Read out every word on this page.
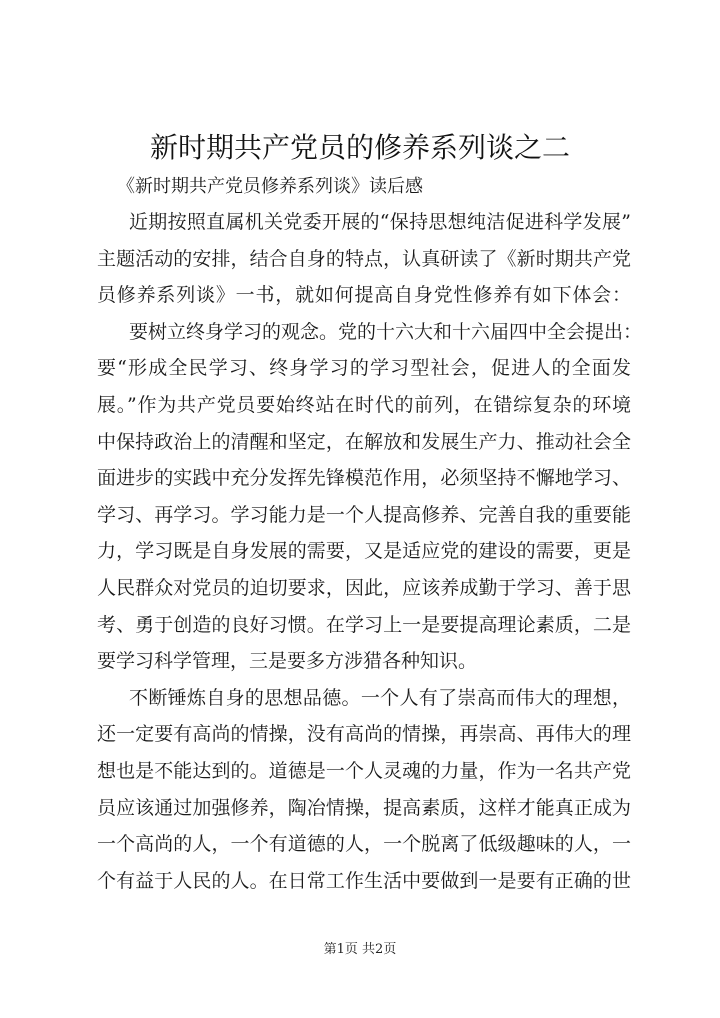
新时期共产党员的修养系列谈之二
《新时期共产党员修养系列谈》读后感
近期按照直属机关党委开展的“保持思想纯洁促进科学发展”
主题活动的安排，结合自身的特点，认真研读了《新时期共产党
员修养系列谈》一书，就如何提高自身党性修养有如下体会：
要树立终身学习的观念。党的十六大和十六届四中全会提出：
要“形成全民学习、终身学习的学习型社会，促进人的全面发
展。”作为共产党员要始终站在时代的前列，在错综复杂的环境
中保持政治上的清醒和坚定，在解放和发展生产力、推动社会全
面进步的实践中充分发挥先锋模范作用，必须坚持不懈地学习、
学习、再学习。学习能力是一个人提高修养、完善自我的重要能
力，学习既是自身发展的需要，又是适应党的建设的需要，更是
人民群众对党员的迫切要求，因此，应该养成勤于学习、善于思
考、勇于创造的良好习惯。在学习上一是要提高理论素质，二是
要学习科学管理，三是要多方涉猎各种知识。
不断锤炼自身的思想品德。一个人有了崇高而伟大的理想，
还一定要有高尚的情操，没有高尚的情操，再崇高、再伟大的理
想也是不能达到的。道德是一个人灵魂的力量，作为一名共产党
员应该通过加强修养，陶冶情操，提高素质，这样才能真正成为
一个高尚的人，一个有道德的人，一个脱离了低级趣味的人，一
个有益于人民的人。在日常工作生活中要做到一是要有正确的世
第1页 共2页
